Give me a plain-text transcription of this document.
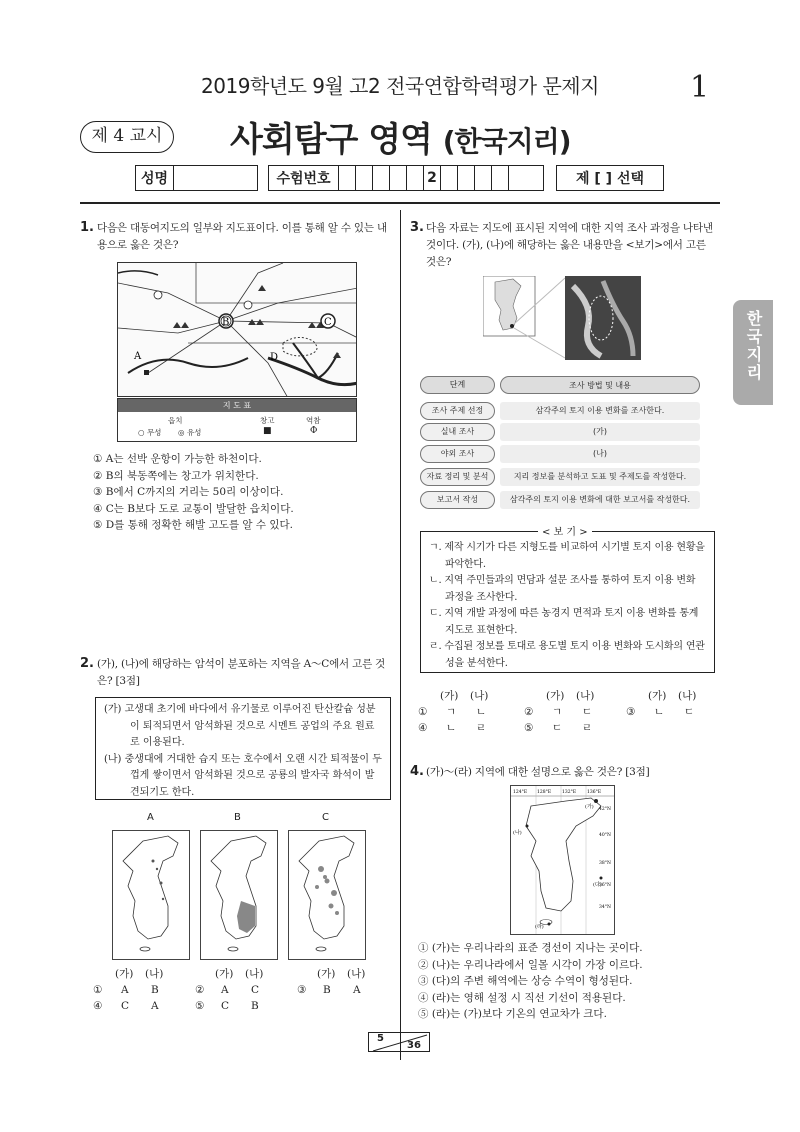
2019학년도 9월 고2 전국연합학력평가 문제지	1
제 4 교시	사회탐구 영역 (한국지리)
성명	수험번호	2	제 [ ] 선택
한국지리
1. 다음은 대동여지도의 일부와 지도표이다. 이를 통해 알 수 있는 내용으로 옳은 것은?
B	C
A	D
지 도 표
읍치	창고	역참
○ 무성 ◎ 유성	■	Φ
① A는 선박 운항이 가능한 하천이다.
② B의 북동쪽에는 창고가 위치한다.
③ B에서 C까지의 거리는 50리 이상이다.
④ C는 B보다 도로 교통이 발달한 읍치이다.
⑤ D를 통해 정확한 해발 고도를 알 수 있다.
2. (가), (나)에 해당하는 암석이 분포하는 지역을 A～C에서 고른 것은? [3점]
(가) 고생대 초기에 바다에서 유기물로 이루어진 탄산칼슘 성분이 퇴적되면서 암석화된 것으로 시멘트 공업의 주요 원료로 이용된다.
(나) 중생대에 거대한 습지 또는 호수에서 오랜 시간 퇴적물이 두껍게 쌓이면서 암석화된 것으로 공룡의 발자국 화석이 발견되기도 한다.
A	B	C
(가) (나)	(가) (나)	(가) (나)
① A B	② A C	③ B A
④ C A	⑤ C B
3. 다음 자료는 지도에 표시된 지역에 대한 지역 조사 과정을 나타낸 것이다. (가), (나)에 해당하는 옳은 내용만을 <보기>에서 고른 것은?
단계	조사 방법 및 내용
조사 주제 선정	삼각주의 토지 이용 변화를 조사한다.
실내 조사	(가)
야외 조사	(나)
자료 정리 및 분석	지리 정보를 분석하고 도표 및 주제도를 작성한다.
보고서 작성	삼각주의 토지 이용 변화에 대한 보고서를 작성한다.
ㄱ. 제작 시기가 다른 지형도를 비교하여 시기별 토지 이용 현황을 파악한다.
ㄴ. 지역 주민들과의 면담과 설문 조사를 통하여 토지 이용 변화 과정을 조사한다.
ㄷ. 지역 개발 과정에 따른 농경지 면적과 토지 이용 변화를 통계 지도로 표현한다.
ㄹ. 수집된 정보를 토대로 용도별 토지 이용 변화와 도시화의 연관성을 분석한다.
< 보 기 >
(가) (나)	(가) (나)	(가) (나)
① ㄱ ㄴ	② ㄱ ㄷ	③ ㄴ ㄷ
④ ㄴ ㄹ	⑤ ㄷ ㄹ
4. (가)～(라) 지역에 대한 설명으로 옳은 것은? [3점]
124°E 128°E 132°E 136°E
42°N
40°N
38°N
36°N
34°N
(가)
(나)
(다)
(라)
① (가)는 우리나라의 표준 경선이 지나는 곳이다.
② (나)는 우리나라에서 일몰 시각이 가장 이르다.
③ (다)의 주변 해역에는 상승 수역이 형성된다.
④ (라)는 영해 설정 시 직선 기선이 적용된다.
⑤ (라)는 (가)보다 기온의 연교차가 크다.
5
36
